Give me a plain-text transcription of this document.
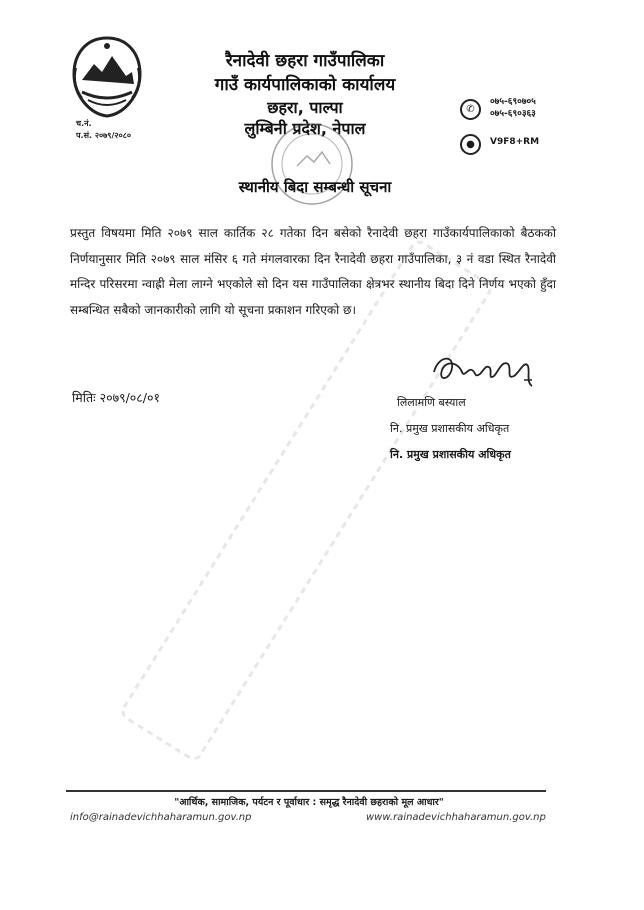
रैनादेवी छहरा गाउँपालिका
गाउँ कार्यपालिकाको कार्यालय
छहरा, पाल्पा
लुम्बिनी प्रदेश, नेपाल
च.नं.
प.सं. २०७९/२०८०
✆
०७५-६९०७०५
०७५-६९०३६३
●	V9F8+RM
स्थानीय बिदा सम्बन्धी सूचना
प्रस्तुत विषयमा मिति २०७९ साल कार्तिक २८ गतेका दिन बसेको रैनादेवी छहरा गाउँकार्यपालिकाको बैठकको निर्णयानुसार मिति २०७९ साल मंसिर ६ गते मंगलवारका दिन रैनादेवी छहरा गाउँपालिका, ३ नं वडा स्थित रैनादेवी मन्दिर परिसरमा न्वाह्री मेला लाग्ने भएकोले सो दिन यस गाउँपालिका क्षेत्रभर स्थानीय बिदा दिने निर्णय भएको हुँदा सम्बन्धित सबैको जानकारीको लागि यो सूचना प्रकाशन गरिएको छ।
मितिः २०७९/०८/०१	लिलामणि बस्याल
नि. प्रमुख प्रशासकीय अधिकृत
नि. प्रमुख प्रशासकीय अधिकृत
"आर्थिक, सामाजिक, पर्यटन र पूर्वाधार : समृद्ध रैनादेवी छहराको मूल आधार"
info@rainadevichhaharamun.gov.np	www.rainadevichhaharamun.gov.np
